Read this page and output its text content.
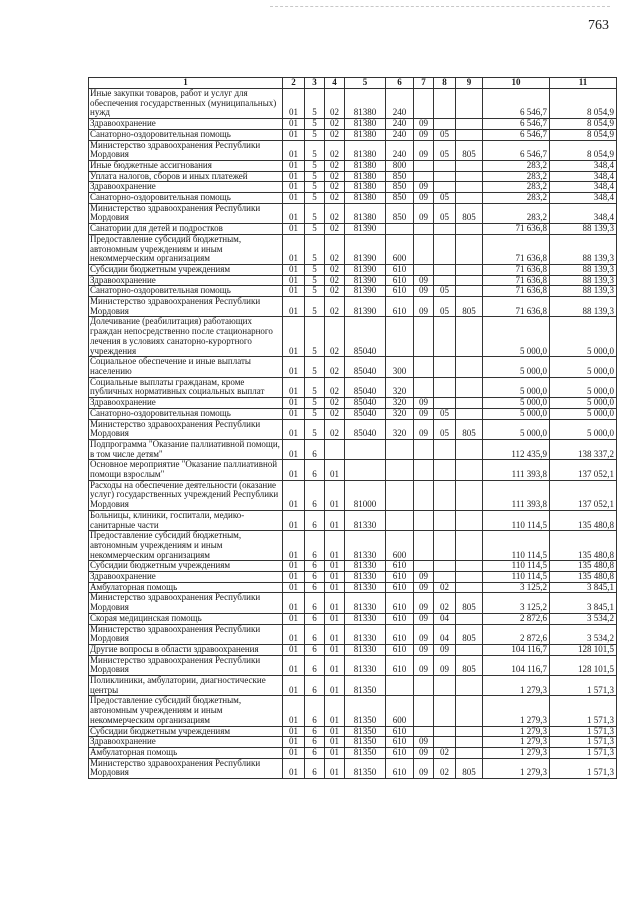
763
1	2	3	4	5	6	7	8	9	10	11
Иные закупки товаров, работ и услуг для обеспечения государственных (муниципальных) нужд	01	5	02	81380	240				6 546,7	8 054,9
Здравоохранение	01	5	02	81380	240	09			6 546,7	8 054,9
Санаторно-оздоровительная помощь	01	5	02	81380	240	09	05		6 546,7	8 054,9
Министерство здравоохранения Республики Мордовия	01	5	02	81380	240	09	05	805	6 546,7	8 054,9
Иные бюджетные ассигнования	01	5	02	81380	800				283,2	348,4
Уплата налогов, сборов и иных платежей	01	5	02	81380	850				283,2	348,4
Здравоохранение	01	5	02	81380	850	09			283,2	348,4
Санаторно-оздоровительная помощь	01	5	02	81380	850	09	05		283,2	348,4
Министерство здравоохранения Республики Мордовия	01	5	02	81380	850	09	05	805	283,2	348,4
Санатории для детей и подростков	01	5	02	81390					71 636,8	88 139,3
Предоставление субсидий бюджетным, автономным учреждениям и иным некоммерческим организациям	01	5	02	81390	600				71 636,8	88 139,3
Субсидии бюджетным учреждениям	01	5	02	81390	610				71 636,8	88 139,3
Здравоохранение	01	5	02	81390	610	09			71 636,8	88 139,3
Санаторно-оздоровительная помощь	01	5	02	81390	610	09	05		71 636,8	88 139,3
Министерство здравоохранения Республики Мордовия	01	5	02	81390	610	09	05	805	71 636,8	88 139,3
Долечивание (реабилитация) работающих граждан непосредственно после стационарного лечения в условиях санаторно-курортного учреждения	01	5	02	85040					5 000,0	5 000,0
Социальное обеспечение и иные выплаты населению	01	5	02	85040	300				5 000,0	5 000,0
Социальные выплаты гражданам, кроме публичных нормативных социальных выплат	01	5	02	85040	320				5 000,0	5 000,0
Здравоохранение	01	5	02	85040	320	09			5 000,0	5 000,0
Санаторно-оздоровительная помощь	01	5	02	85040	320	09	05		5 000,0	5 000,0
Министерство здравоохранения Республики Мордовия	01	5	02	85040	320	09	05	805	5 000,0	5 000,0
Подпрограмма "Оказание паллиативной помощи, в том числе детям"	01	6							112 435,9	138 337,2
Основное мероприятие "Оказание паллиативной помощи взрослым"	01	6	01						111 393,8	137 052,1
Расходы на обеспечение деятельности (оказание услуг) государственных учреждений Республики Мордовия	01	6	01	81000					111 393,8	137 052,1
Больницы, клиники, госпитали, медико-санитарные части	01	6	01	81330					110 114,5	135 480,8
Предоставление субсидий бюджетным, автономным учреждениям и иным некоммерческим организациям	01	6	01	81330	600				110 114,5	135 480,8
Субсидии бюджетным учреждениям	01	6	01	81330	610				110 114,5	135 480,8
Здравоохранение	01	6	01	81330	610	09			110 114,5	135 480,8
Амбулаторная помощь	01	6	01	81330	610	09	02		3 125,2	3 845,1
Министерство здравоохранения Республики Мордовия	01	6	01	81330	610	09	02	805	3 125,2	3 845,1
Скорая медицинская помощь	01	6	01	81330	610	09	04		2 872,6	3 534,2
Министерство здравоохранения Республики Мордовия	01	6	01	81330	610	09	04	805	2 872,6	3 534,2
Другие вопросы в области здравоохранения	01	6	01	81330	610	09	09		104 116,7	128 101,5
Министерство здравоохранения Республики Мордовия	01	6	01	81330	610	09	09	805	104 116,7	128 101,5
Поликлиники, амбулатории, диагностические центры	01	6	01	81350					1 279,3	1 571,3
Предоставление субсидий бюджетным, автономным учреждениям и иным некоммерческим организациям	01	6	01	81350	600				1 279,3	1 571,3
Субсидии бюджетным учреждениям	01	6	01	81350	610				1 279,3	1 571,3
Здравоохранение	01	6	01	81350	610	09			1 279,3	1 571,3
Амбулаторная помощь	01	6	01	81350	610	09	02		1 279,3	1 571,3
Министерство здравоохранения Республики Мордовия	01	6	01	81350	610	09	02	805	1 279,3	1 571,3
